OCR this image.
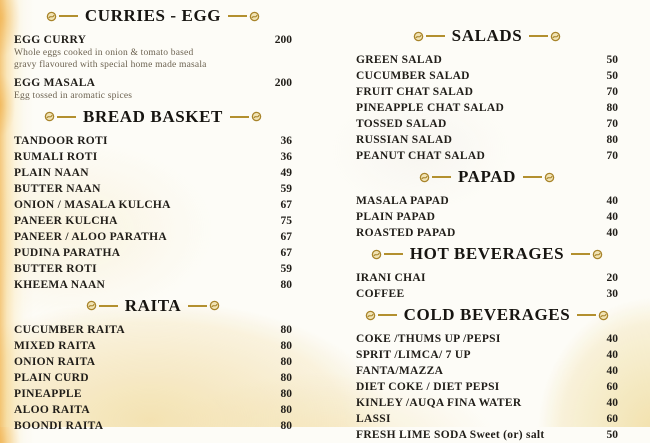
CURRIES - EGG
EGG CURRY	200
Whole eggs cooked in onion & tomato based
gravy flavoured with special home made masala
EGG MASALA	200
Egg tossed in aromatic spices
BREAD BASKET
TANDOOR ROTI	36
RUMALI ROTI	36
PLAIN NAAN	49
BUTTER NAAN	59
ONION / MASALA KULCHA	67
PANEER KULCHA	75
PANEER / ALOO PARATHA	67
PUDINA PARATHA	67
BUTTER ROTI	59
KHEEMA NAAN	80
RAITA
CUCUMBER RAITA	80
MIXED RAITA	80
ONION RAITA	80
PLAIN CURD	80
PINEAPPLE	80
ALOO RAITA	80
BOONDI RAITA	80
SALADS
GREEN SALAD	50
CUCUMBER SALAD	50
FRUIT CHAT SALAD	70
PINEAPPLE CHAT SALAD	80
TOSSED SALAD	70
RUSSIAN SALAD	80
PEANUT CHAT SALAD	70
PAPAD
MASALA PAPAD	40
PLAIN PAPAD	40
ROASTED PAPAD	40
HOT BEVERAGES
IRANI CHAI	20
COFFEE	30
COLD BEVERAGES
COKE /THUMS UP /PEPSI	40
SPRIT /LIMCA/ 7 UP	40
FANTA/MAZZA	40
DIET COKE / DIET PEPSI	60
KINLEY /AUQA FINA WATER	40
LASSI	60
FRESH LIME SODA Sweet (or) salt	50
